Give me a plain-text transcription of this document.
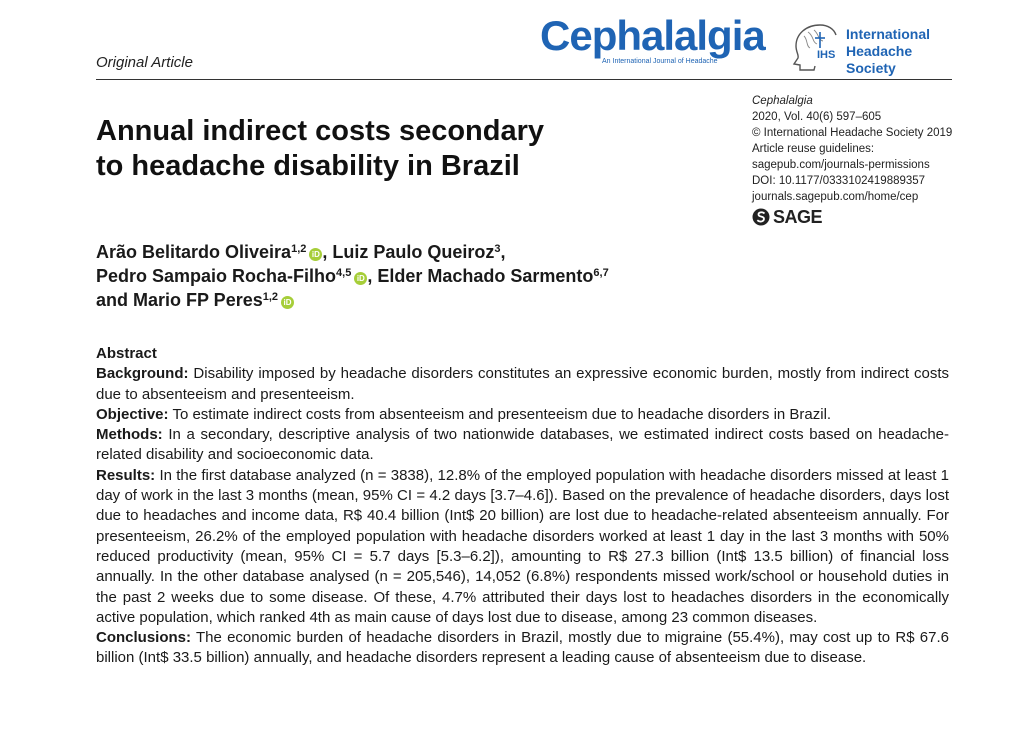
Original Article
Cephalalgia
An International Journal of Headache
IHS
International
Headache Society
Annual indirect costs secondary
to headache disability in Brazil
Cephalalgia
2020, Vol. 40(6) 597–605
© International Headache Society 2019
Article reuse guidelines:
sagepub.com/journals-permissions
DOI: 10.1177/0333102419889357
journals.sagepub.com/home/cep
SAGE
Arão Belitardo Oliveira$^{1,2}$ iD , Luiz Paulo Queiroz$^3$,
Pedro Sampaio Rocha-Filho$^{4,5}$ iD , Elder Machado Sarmento$^{6,7}$
and Mario FP Peres$^{1,2}$ iD

Abstract

Background: Disability imposed by headache disorders constitutes an expressive economic burden, mostly from indirect costs due to absenteeism and presenteeism.

Objective: To estimate indirect costs from absenteeism and presenteeism due to headache disorders in Brazil.

Methods: In a secondary, descriptive analysis of two nationwide databases, we estimated indirect costs based on headache-related disability and socioeconomic data.

Results: In the first database analyzed (n = 3838), 12.8% of the employed population with headache disorders missed at least 1 day of work in the last 3 months (mean, 95% CI = 4.2 days [3.7–4.6]). Based on the prevalence of headache disorders, days lost due to headaches and income data, R$ 40.4 billion (Int$ 20 billion) are lost due to headache-related absenteeism annually. For presenteeism, 26.2% of the employed population with headache disorders worked at least 1 day in the last 3 months with 50% reduced productivity (mean, 95% CI = 5.7 days [5.3–6.2]), amounting to R$ 27.3 billion (Int$ 13.5 billion) of financial loss annually. In the other database analysed (n = 205,546), 14,052 (6.8%) respondents missed work/school or household duties in the past 2 weeks due to some disease. Of these, 4.7% attributed their days lost to headaches disorders in the economically active population, which ranked 4th as main cause of days lost due to disease, among 23 common diseases.

Conclusions: The economic burden of headache disorders in Brazil, mostly due to migraine (55.4%), may cost up to R$ 67.6 billion (Int$ 33.5 billion) annually, and headache disorders represent a leading cause of absenteeism due to disease.
